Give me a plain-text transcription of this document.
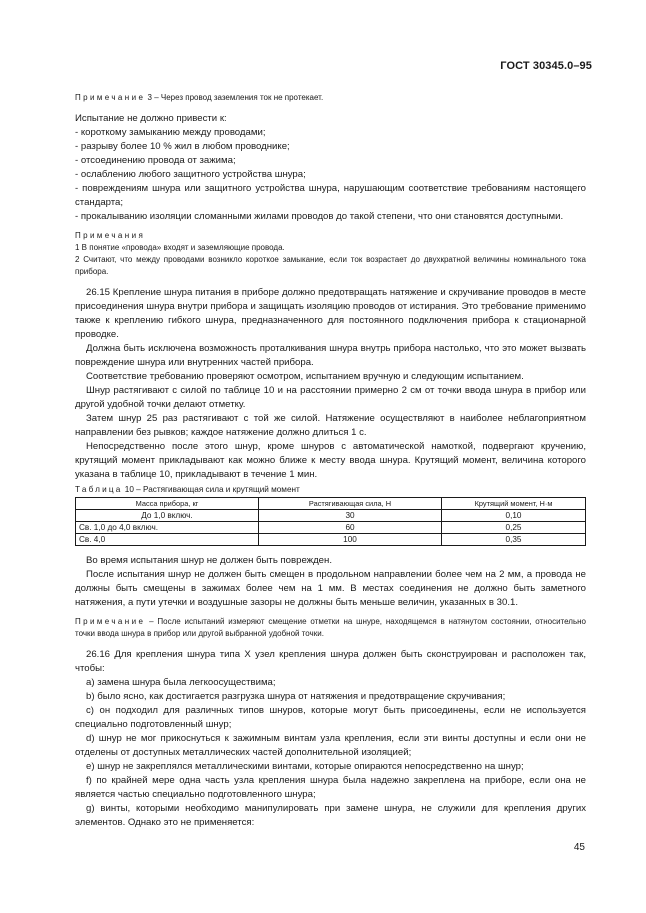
ГОСТ 30345.0–95

Примечание 3 – Через провод заземления ток не протекает.

Испытание не должно привести к:

- короткому замыканию между проводами;

- разрыву более 10 % жил в любом проводнике;

- отсоединению провода от зажима;

- ослаблению любого защитного устройства шнура;

- повреждениям шнура или защитного устройства шнура, нарушающим соответствие требованиям настоящего стандарта;

- прокалыванию изоляции сломанными жилами проводов до такой степени, что они становятся доступными.

Примечания

1 В понятие «провода» входят и заземляющие провода.

2 Считают, что между проводами возникло короткое замыкание, если ток возрастает до двухкратной величины номинального тока прибора.

26.15 Крепление шнура питания в приборе должно предотвращать натяжение и скручивание проводов в месте присоединения шнура внутри прибора и защищать изоляцию проводов от истирания. Это требование применимо также к креплению гибкого шнура, предназначенного для постоянного подключения прибора к стационарной проводке.

Должна быть исключена возможность проталкивания шнура внутрь прибора настолько, что это может вызвать повреждение шнура или внутренних частей прибора.

Соответствие требованию проверяют осмотром, испытанием вручную и следующим испытанием.

Шнур растягивают с силой по таблице 10 и на расстоянии примерно 2 см от точки ввода шнура в прибор или другой удобной точки делают отметку.

Затем шнур 25 раз растягивают с той же силой. Натяжение осуществляют в наиболее неблагоприятном направлении без рывков; каждое натяжение должно длиться 1 с.

Непосредственно после этого шнур, кроме шнуров с автоматической намоткой, подвергают кручению, крутящий момент прикладывают как можно ближе к месту ввода шнура. Крутящий момент, величина которого указана в таблице 10, прикладывают в течение 1 мин.

Таблица 10 – Растягивающая сила и крутящий момент

Масса прибора, кг	Растягивающая сила, Н	Крутящий момент, Н·м
До 1,0 включ.	30	0,10
Св. 1,0 до 4,0 включ.	60	0,25
Св. 4,0	100	0,35

Во время испытания шнур не должен быть поврежден.

После испытания шнур не должен быть смещен в продольном направлении более чем на 2 мм, а провода не должны быть смещены в зажимах более чем на 1 мм. В местах соединения не должно быть заметного натяжения, а пути утечки и воздушные зазоры не должны быть меньше величин, указанных в 30.1.

Примечание – После испытаний измеряют смещение отметки на шнуре, находящемся в натянутом состоянии, относительно точки ввода шнура в прибор или другой выбранной удобной точки.

26.16 Для крепления шнура типа X узел крепления шнура должен быть сконструирован и расположен так, чтобы:

а) замена шнура была легкоосуществима;

b) было ясно, как достигается разгрузка шнура от натяжения и предотвращение скручивания;

c) он подходил для различных типов шнуров, которые могут быть присоединены, если не используется специально подготовленный шнур;

d) шнур не мог прикоснуться к зажимным винтам узла крепления, если эти винты доступны и если они не отделены от доступных металлических частей дополнительной изоляцией;

e) шнур не закреплялся металлическими винтами, которые опираются непосредственно на шнур;

f) по крайней мере одна часть узла крепления шнура была надежно закреплена на приборе, если она не является частью специально подготовленного шнура;

g) винты, которыми необходимо манипулировать при замене шнура, не служили для крепления других элементов. Однако это не применяется:

45
